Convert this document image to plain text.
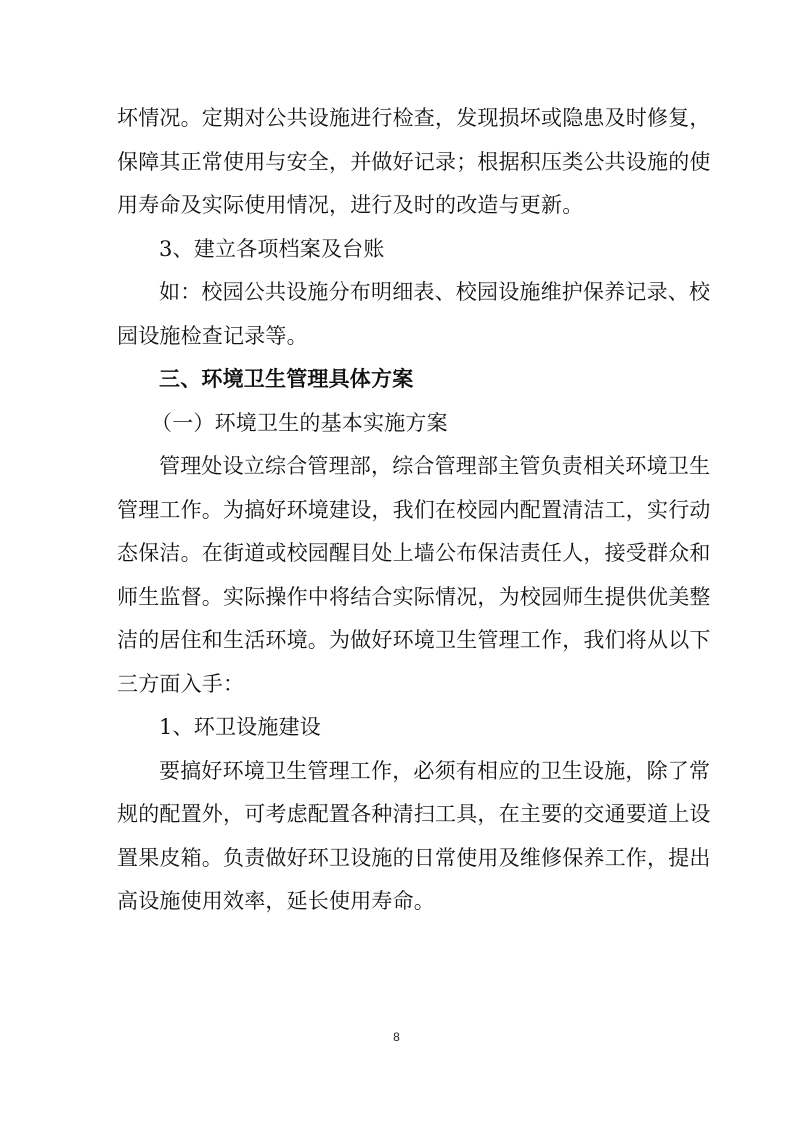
坏情况。定期对公共设施进行检查，发现损坏或隐患及时修复，
保障其正常使用与安全，并做好记录；根据积压类公共设施的使
用寿命及实际使用情况，进行及时的改造与更新。
3、建立各项档案及台账
如：校园公共设施分布明细表、校园设施维护保养记录、校
园设施检查记录等。
三、环境卫生管理具体方案
（一）环境卫生的基本实施方案
管理处设立综合管理部，综合管理部主管负责相关环境卫生
管理工作。为搞好环境建设，我们在校园内配置清洁工，实行动
态保洁。在街道或校园醒目处上墙公布保洁责任人，接受群众和
师生监督。实际操作中将结合实际情况，为校园师生提供优美整
洁的居住和生活环境。为做好环境卫生管理工作，我们将从以下
三方面入手：
1、环卫设施建设
要搞好环境卫生管理工作，必须有相应的卫生设施，除了常
规的配置外，可考虑配置各种清扫工具，在主要的交通要道上设
置果皮箱。负责做好环卫设施的日常使用及维修保养工作，提出
高设施使用效率，延长使用寿命。
8
